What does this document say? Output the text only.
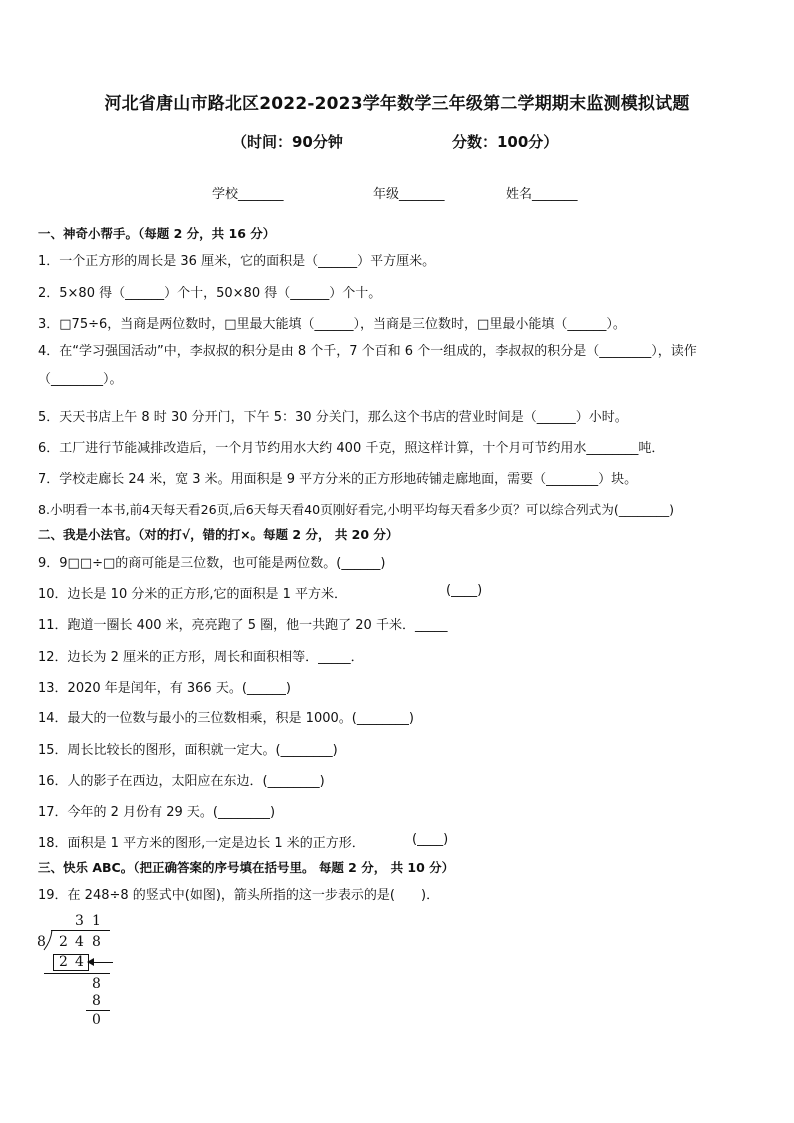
河北省唐山市路北区2022-2023学年数学三年级第二学期期末监测模拟试题
（时间：90分钟	分数：100分）
学校_______	年级_______	姓名_______
一、神奇小帮手。（每题 2 分，共 16 分）
1．一个正方形的周长是 36 厘米，它的面积是（______）平方厘米。
2．5×80 得（______）个十，50×80 得（______）个十。
3．□75÷6，当商是两位数时，□里最大能填（______），当商是三位数时，□里最小能填（______）。
4．在“学习强国活动”中，李叔叔的积分是由 8 个千，7 个百和 6 个一组成的，李叔叔的积分是（________），读作（________）。
5．天天书店上午 8 时 30 分开门，下午 5：30 分关门，那么这个书店的营业时间是（______）小时。
6．工厂进行节能减排改造后，一个月节约用水大约 400 千克，照这样计算，十个月可节约用水________吨．
7．学校走廊长 24 米，宽 3 米。用面积是 9 平方分米的正方形地砖铺走廊地面，需要（________）块。
8.小明看一本书,前4天每天看26页,后6天每天看40页刚好看完,小明平均每天看多少页？可以综合列式为(________)
二、我是小法官。（对的打√，错的打×。每题 2 分， 共 20 分）
9．9□□÷□的商可能是三位数，也可能是两位数。(______)
10．边长是 10 分米的正方形,它的面积是 1 平方米．	(____)
11．跑道一圈长 400 米，亮亮跑了 5 圈，他一共跑了 20 千米．_____
12．边长为 2 厘米的正方形，周长和面积相等．_____．
13．2020 年是闰年，有 366 天。(______)
14．最大的一位数与最小的三位数相乘，积是 1000。(________)
15．周长比较长的图形，面积就一定大。(________)
16．人的影子在西边，太阳应在东边．(________)
17．今年的 2 月份有 29 天。(________)
18．面积是 1 平方米的图形,一定是边长 1 米的正方形．	(____)
三、快乐 ABC。（把正确答案的序号填在括号里。 每题 2 分， 共 10 分）
19．在 248÷8 的竖式中(如图)，箭头所指的这一步表示的是(　　)．
3 1
8 2 4 8
2 4
8
8
0
